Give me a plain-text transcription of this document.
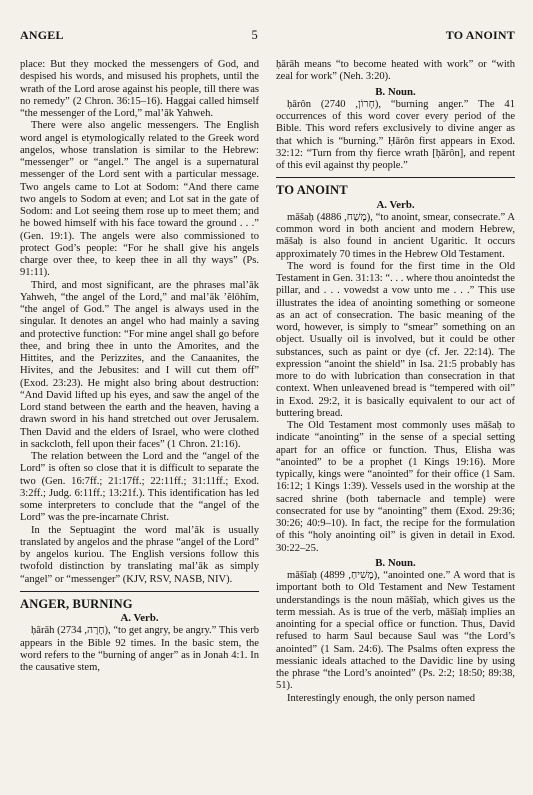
ANGEL	5	TO ANOINT

place: But they mocked the messengers of God, and despised his words, and misused his prophets, until the wrath of the Lord arose against his people, till there was no remedy” (2 Chron. 36:15–16). Haggai called himself “the messenger of the Lord,” mal’āk Yahweh.

There were also angelic messengers. The English word angel is etymologically related to the Greek word angelos, whose translation is similar to the Hebrew: “messenger” or “angel.” The angel is a supernatural messenger of the Lord sent with a particular message. Two angels came to Lot at Sodom: “And there came two angels to Sodom at even; and Lot sat in the gate of Sodom: and Lot seeing them rose up to meet them; and he bowed himself with his face toward the ground . . .” (Gen. 19:1). The angels were also commissioned to protect God’s people: “For he shall give his angels charge over thee, to keep thee in all thy ways” (Ps. 91:11).

Third, and most significant, are the phrases mal’āk Yahweh, “the angel of the Lord,” and mal’āk ’ĕlōhîm, “the angel of God.” The angel is always used in the singular. It denotes an angel who had mainly a saving and protective function: “For mine angel shall go before thee, and bring thee in unto the Amorites, and the Hittites, and the Perizzites, and the Canaanites, the Hivites, and the Jebusites: and I will cut them off” (Exod. 23:23). He might also bring about destruction: “And David lifted up his eyes, and saw the angel of the Lord stand between the earth and the heaven, having a drawn sword in his hand stretched out over Jerusalem. Then David and the elders of Israel, who were clothed in sackcloth, fell upon their faces” (1 Chron. 21:16).

The relation between the Lord and the “angel of the Lord” is often so close that it is difficult to separate the two (Gen. 16:7ff.; 21:17ff.; 22:11ff.; 31:11ff.; Exod. 3:2ff.; Judg. 6:11ff.; 13:21f.). This identification has led some interpreters to conclude that the “angel of the Lord” was the pre-incarnate Christ.

In the Septuagint the word mal’āk is usually translated by angelos and the phrase “angel of the Lord” by angelos kuriou. The English versions follow this twofold distinction by translating mal’āk as simply “angel” or “messenger” (KJV, RSV, NASB, NIV).

ANGER, BURNING
A. Verb.

ḥārāh (חָרָה, 2734), “to get angry, be angry.” This verb appears in the Bible 92 times. In the basic stem, the word refers to the “burning of anger” as in Jonah 4:1. In the causative stem,

ḥārāh means “to become heated with work” or “with zeal for work” (Neh. 3:20).

B. Noun.

ḥārôn (חָרוֹן, 2740), “burning anger.” The 41 occurrences of this word cover every period of the Bible. This word refers exclusively to divine anger as that which is “burning.” Ḥārôn first appears in Exod. 32:12: “Turn from thy fierce wrath [ḥārôn], and repent of this evil against thy people.”

TO ANOINT
A. Verb.

māšaḥ (מָשַׁח, 4886), “to anoint, smear, consecrate.” A common word in both ancient and modern Hebrew, māšaḥ is also found in ancient Ugaritic. It occurs approximately 70 times in the Hebrew Old Testament.

The word is found for the first time in the Old Testament in Gen. 31:13: “. . . where thou anointedst the pillar, and . . . vowedst a vow unto me . . .” This use illustrates the idea of anointing something or someone as an act of consecration. The basic meaning of the word, however, is simply to “smear” something on an object. Usually oil is involved, but it could be other substances, such as paint or dye (cf. Jer. 22:14). The expression “anoint the shield” in Isa. 21:5 probably has more to do with lubrication than consecration in that context. When unleavened bread is “tempered with oil” in Exod. 29:2, it is basically equivalent to our act of buttering bread.

The Old Testament most commonly uses māšaḥ to indicate “anointing” in the sense of a special setting apart for an office or function. Thus, Elisha was “anointed” to be a prophet (1 Kings 19:16). More typically, kings were “anointed” for their office (1 Sam. 16:12; 1 Kings 1:39). Vessels used in the worship at the sacred shrine (both tabernacle and temple) were consecrated for use by “anointing” them (Exod. 29:36; 30:26; 40:9–10). In fact, the recipe for the formulation of this “holy anointing oil” is given in detail in Exod. 30:22–25.

B. Noun.

māšîaḥ (מָשִׁיחַ, 4899), “anointed one.” A word that is important both to Old Testament and New Testament understandings is the noun māšîaḥ, which gives us the term messiah. As is true of the verb, māšîaḥ implies an anointing for a special office or function. Thus, David refused to harm Saul because Saul was “the Lord’s anointed” (1 Sam. 24:6). The Psalms often express the messianic ideals attached to the Davidic line by using the phrase “the Lord’s anointed” (Ps. 2:2; 18:50; 89:38, 51).

Interestingly enough, the only person named
